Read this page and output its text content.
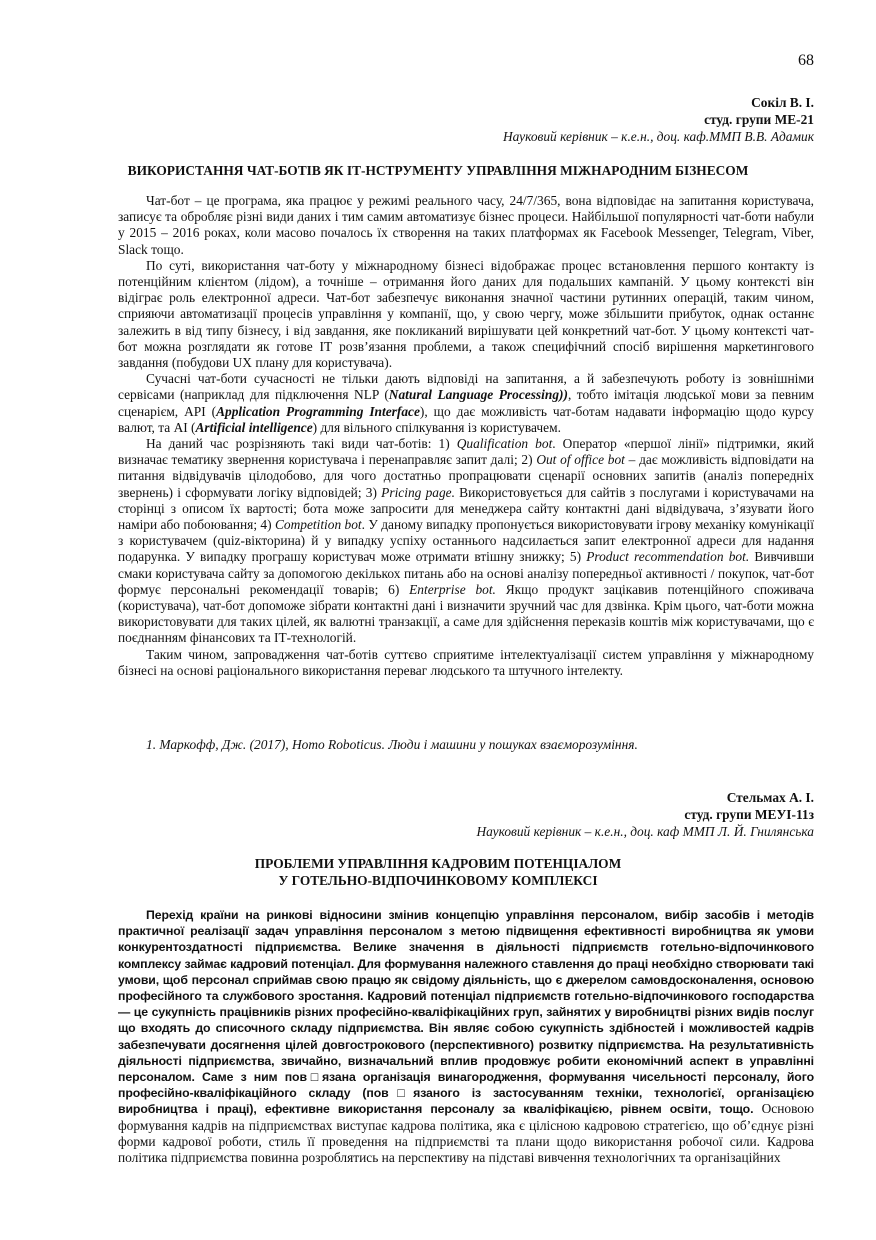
68
Сокіл В. І.
студ. групи МЕ-21
Науковий керівник – к.е.н., доц. каф.ММП В.В. Адамик
ВИКОРИСТАННЯ ЧАТ-БОТІВ ЯК ІТ-НСТРУМЕНТУ УПРАВЛІННЯ МІЖНАРОДНИМ БІЗНЕСОМ

Чат-бот – це програма, яка працює у режимі реального часу, 24/7/365, вона відповідає на запитання користувача, записує та обробляє різні види даних і тим самим автоматизує бізнес процеси. Найбільшої популярності чат-боти набули у 2015 – 2016 роках, коли масово почалось їх створення на таких платформах як Facebook Messenger, Telegram, Viber, Slack тощо.

По суті, використання чат-боту у міжнародному бізнесі відображає процес встановлення першого контакту із потенційним клієнтом (лідом), а точніше – отримання його даних для подальших кампаній. У цьому контексті він відіграє роль електронної адреси. Чат-бот забезпечує виконання значної частини рутинних операцій, таким чином, сприяючи автоматизації процесів управління у компанії, що, у свою чергу, може збільшити прибуток, однак останнє залежить в від типу бізнесу, і від завдання, яке покликаний вирішувати цей конкретний чат-бот. У цьому контексті чат-бот можна розглядати як готове ІТ розв’язання проблеми, а також специфічний спосіб вирішення маркетингового завдання (побудови UX плану для користувача).

Сучасні чат-боти сучасності не тільки дають відповіді на запитання, а й забезпечують роботу із зовнішніми сервісами (наприклад для підключення NLP (Natural Language Processing)), тобто імітація людської мови за певним сценарієм, API (Application Programming Interface), що дає можливість чат-ботам надавати інформацію щодо курсу валют, та AI (Artificial intelligence) для вільного спілкування із користувачем.

На даний час розрізняють такі види чат-ботів: 1) Qualification bot. Оператор «першої лінії» підтримки, який визначає тематику звернення користувача і перенаправляє запит далі; 2) Out of office bot – дає можливість відповідати на питання відвідувачів цілодобово, для чого достатньо пропрацювати сценарії основних запитів (аналіз попередніх звернень) і сформувати логіку відповідей; 3) Pricing page. Використовується для сайтів з послугами і користувачами на сторінці з описом їх вартості; бота може запросити для менеджера сайту контактні дані відвідувача, з’язувати його наміри або побоювання; 4) Competition bot. У даному випадку пропонується використовувати ігрову механіку комунікації з користувачем (quiz-вікторина) й у випадку успіху останнього надсилається запит електронної адреси для надання подарунка. У випадку програшу користувач може отримати втішну знижку; 5) Product recommendation bot. Вивчивши смаки користувача сайту за допомогою декількох питань або на основі аналізу попередньої активності / покупок, чат-бот формує персональні рекомендації товарів; 6) Enterprise bot. Якщо продукт зацікавив потенційного споживача (користувача), чат-бот допоможе зібрати контактні дані і визначити зручний час для дзвінка. Крім цього, чат-боти можна використовувати для таких цілей, як валютні транзакції, а саме для здійснення переказів коштів між користувачами, що є поєднанням фінансових та ІТ-технологій.

Таким чином, запровадження чат-ботів суттєво сприятиме інтелектуалізації систем управління у міжнародному бізнесі на основі раціонального використання переваг людського та штучного інтелекту.

1. Маркофф, Дж. (2017), Homo Roboticus. Люди і машини у пошуках взаєморозуміння.
Стельмах А. І.
студ. групи МЕУІ-11з
Науковий керівник – к.е.н., доц. каф ММП Л. Й. Гнилянська
ПРОБЛЕМИ УПРАВЛІННЯ КАДРОВИМ ПОТЕНЦІАЛОМ
У ГОТЕЛЬНО-ВІДПОЧИНКОВОМУ КОМПЛЕКСІ

Перехід країни на ринкові відносини змінив концепцію управління персоналом, вибір засобів і методів практичної реалізації задач управління персоналом з метою підвищення ефективності виробництва як умови конкурентоздатності підприємства. Велике значення в діяльності підприємств готельно-відпочинкового комплексу займає кадровий потенціал. Для формування належного ставлення до праці необхідно створювати такі умови, щоб персонал сприймав свою працю як свідому діяльність, що є джерелом самовдосконалення, основою професійного та службового зростання. Кадровий потенціал підприємств готельно-відпочинкового господарства — це сукупність працівників різних професійно-кваліфікаційних груп, зайнятих у виробництві різних видів послуг що входять до списочного складу підприємства. Він являє собою сукупність здібностей і можливостей кадрів забезпечувати досягнення цілей довгострокового (перспективного) розвитку підприємства. На результативність діяльності підприємства, звичайно, визначальний вплив продовжує робити економічний аспект в управлінні персоналом. Саме з ним пов□язана організація винагородження, формування чисельності персоналу, його професійно-кваліфікаційного складу (пов□язаного із застосуванням техніки, технологієї, організацією виробництва і праці), ефективне використання персоналу за кваліфікацією, рівнем освіти, тощо. Основою формування кадрів на підприємствах виступає кадрова політика, яка є цілісною кадровою стратегією, що об’єднує різні форми кадрової роботи, стиль її проведення на підприємстві та плани щодо використання робочої сили. Кадрова політика підприємства повинна розроблятись на перспективу на підставі вивчення технологічних та організаційних
